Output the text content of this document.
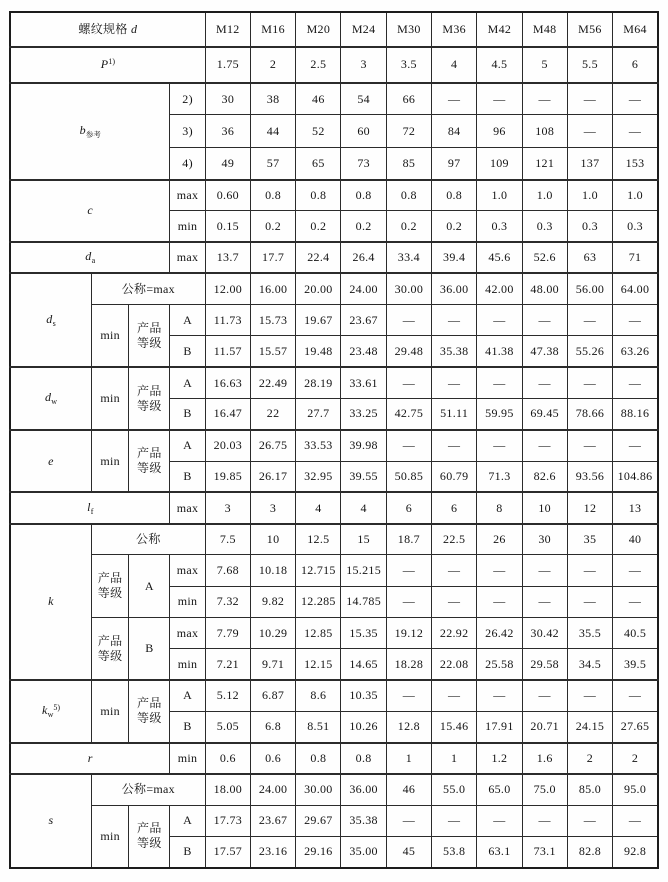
螺纹规格 d				M12	M16	M20	M24	M30	M36	M42	M48	M56	M64
$P^{1)}$				1.75	2	2.5	3	3.5	4	4.5	5	5.5	6
$b_{参考}$			2)	30	38	46	54	66	—	—	—	—	—
			3)	36	44	52	60	72	84	96	108	—	—
			4)	49	57	65	73	85	97	109	121	137	153
c			max	0.60	0.8	0.8	0.8	0.8	0.8	1.0	1.0	1.0	1.0
			min	0.15	0.2	0.2	0.2	0.2	0.2	0.3	0.3	0.3	0.3
$d_a$			max	13.7	17.7	22.4	26.4	33.4	39.4	45.6	52.6	63	71
$d_s$	公称=max			12.00	16.00	20.00	24.00	30.00	36.00	42.00	48.00	56.00	64.00
	min	产品等级	A	11.73	15.73	19.67	23.67	—	—	—	—	—	—
			B	11.57	15.57	19.48	23.48	29.48	35.38	41.38	47.38	55.26	63.26
$d_w$	min	产品等级	A	16.63	22.49	28.19	33.61	—	—	—	—	—	—
			B	16.47	22	27.7	33.25	42.75	51.11	59.95	69.45	78.66	88.16
e	min	产品等级	A	20.03	26.75	33.53	39.98	—	—	—	—	—	—
			B	19.85	26.17	32.95	39.55	50.85	60.79	71.3	82.6	93.56	104.86
$l_f$			max	3	3	4	4	6	6	8	10	12	13
k	公称			7.5	10	12.5	15	18.7	22.5	26	30	35	40
	产品等级	A	max	7.68	10.18	12.715	15.215	—	—	—	—	—	—
			min	7.32	9.82	12.285	14.785	—	—	—	—	—	—
	产品等级	B	max	7.79	10.29	12.85	15.35	19.12	22.92	26.42	30.42	35.5	40.5
			min	7.21	9.71	12.15	14.65	18.28	22.08	25.58	29.58	34.5	39.5
$k_w^{5)}$	min	产品等级	A	5.12	6.87	8.6	10.35	—	—	—	—	—	—
			B	5.05	6.8	8.51	10.26	12.8	15.46	17.91	20.71	24.15	27.65
r			min	0.6	0.6	0.8	0.8	1	1	1.2	1.6	2	2
s	公称=max			18.00	24.00	30.00	36.00	46	55.0	65.0	75.0	85.0	95.0
	min	产品等级	A	17.73	23.67	29.67	35.38	—	—	—	—	—	—
			B	17.57	23.16	29.16	35.00	45	53.8	63.1	73.1	82.8	92.8
